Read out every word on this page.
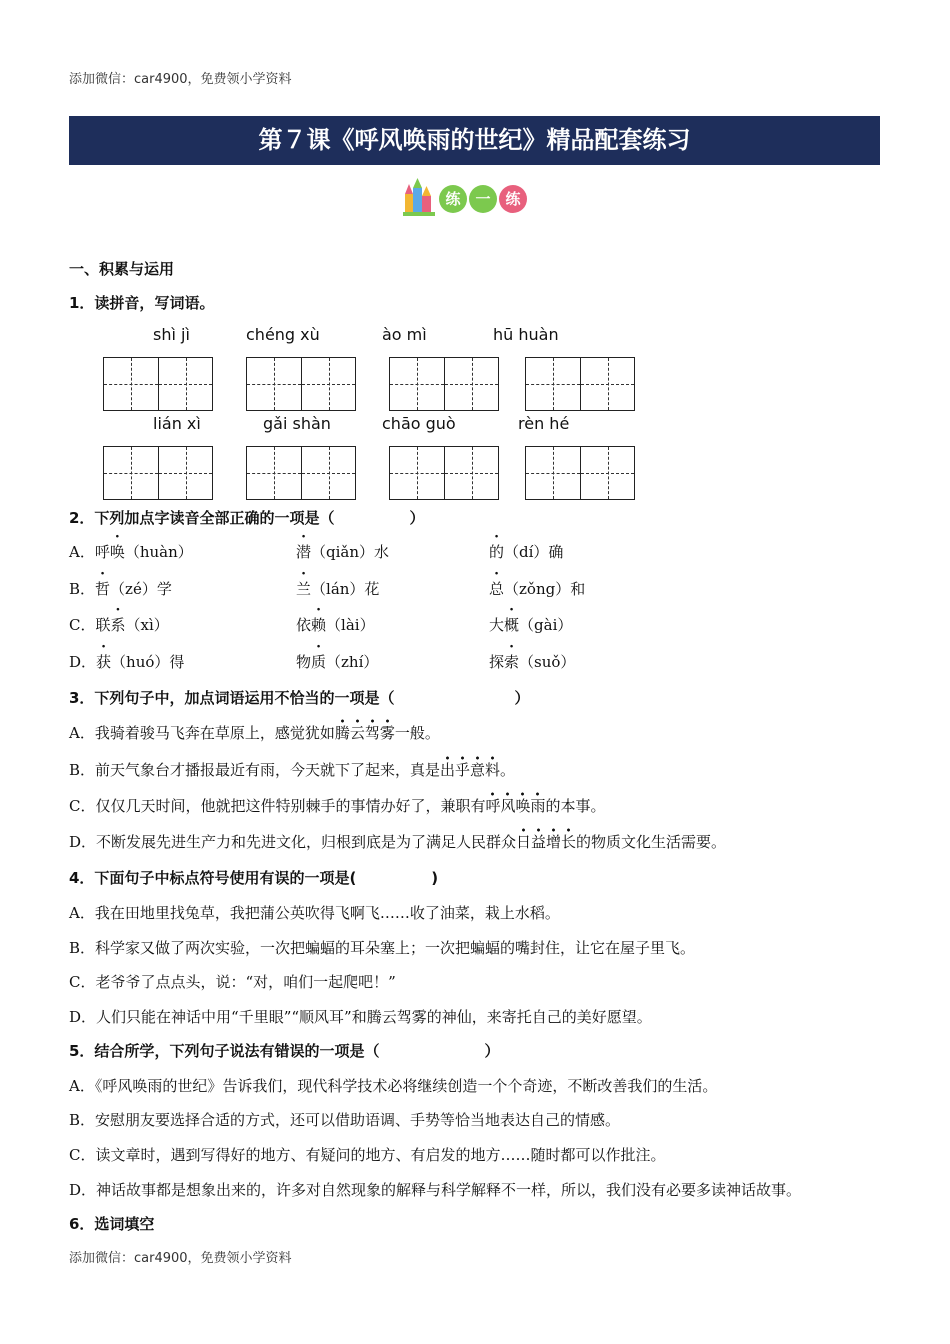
添加微信：car4900，免费领小学资料
第７课《呼风唤雨的世纪》精品配套练习
练 一 练
一、积累与运用
1．读拼音，写词语。
shì jì	chéng xù	ào mì	hū huàn
lián xì	gǎi shàn	chāo guò	rèn hé
2．下列加点字读音全部正确的一项是（　　　　　）
A．呼唤（huàn）	潜（qiǎn）水	的（dí）确
B．哲（zé）学	兰（lán）花	总（zǒng）和
C．联系（xì）	依赖（lài）	大概（gài）
D．获（huó）得	物质（zhí）	探索（suǒ）
3．下列句子中，加点词语运用不恰当的一项是（　　　　　　　　）
A．我骑着骏马飞奔在草原上，感觉犹如腾云驾雾一般。
B．前天气象台才播报最近有雨，今天就下了起来，真是出乎意料。
C．仅仅几天时间，他就把这件特别棘手的事情办好了，兼职有呼风唤雨的本事。
D．不断发展先进生产力和先进文化，归根到底是为了满足人民群众日益增长的物质文化生活需要。
4．下面句子中标点符号使用有误的一项是(　　　　　)
A．我在田地里找兔草，我把蒲公英吹得飞啊飞……收了油菜，栽上水稻。
B．科学家又做了两次实验，一次把蝙蝠的耳朵塞上；一次把蝙蝠的嘴封住，让它在屋子里飞。
C．老爷爷了点点头，说：“对，咱们一起爬吧！”
D．人们只能在神话中用“千里眼”“顺风耳”和腾云驾雾的神仙，来寄托自己的美好愿望。
5．结合所学，下列句子说法有错误的一项是（　　　　　　　）
A．《呼风唤雨的世纪》告诉我们，现代科学技术必将继续创造一个个奇迹，不断改善我们的生活。
B．安慰朋友要选择合适的方式，还可以借助语调、手势等恰当地表达自己的情感。
C．读文章时，遇到写得好的地方、有疑问的地方、有启发的地方……随时都可以作批注。
D．神话故事都是想象出来的，许多对自然现象的解释与科学解释不一样，所以，我们没有必要多读神话故事。
6．选词填空
添加微信：car4900，免费领小学资料
